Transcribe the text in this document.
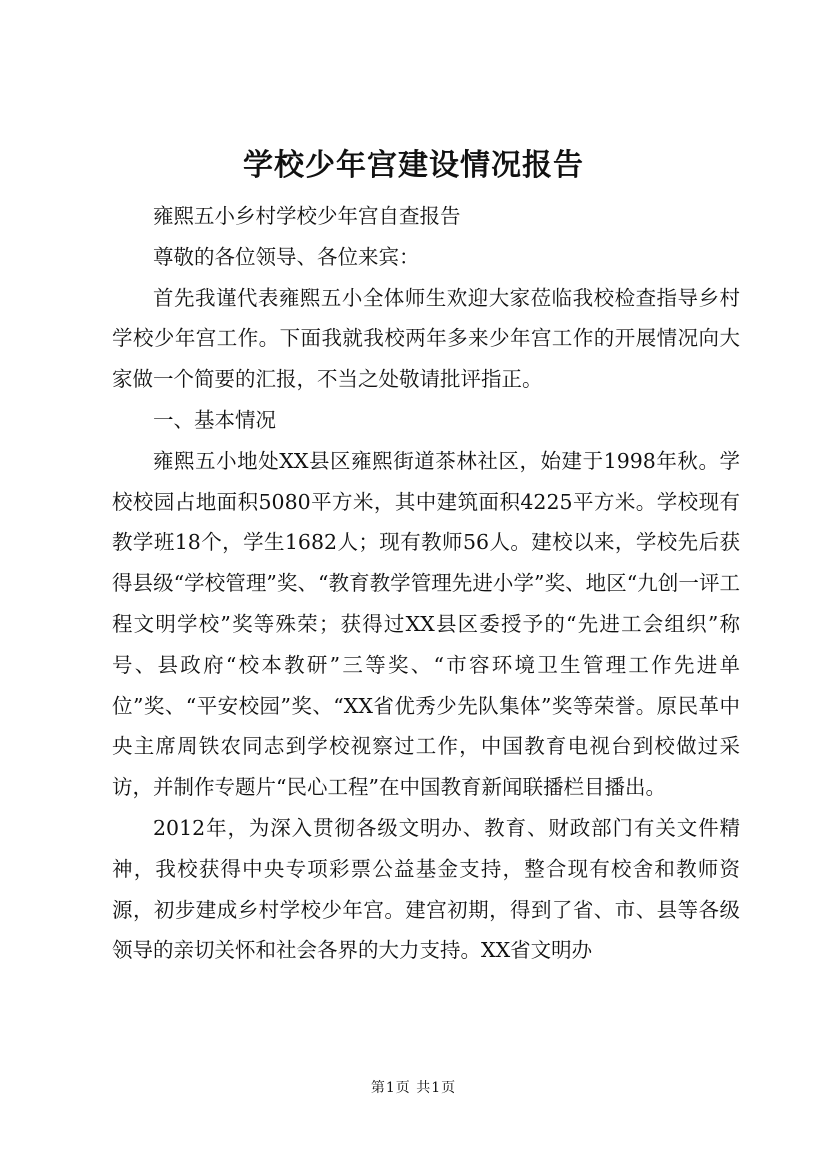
学校少年宫建设情况报告

雍熙五小乡村学校少年宫自查报告

尊敬的各位领导、各位来宾：

首先我谨代表雍熙五小全体师生欢迎大家莅临我校检查指导乡村学校少年宫工作。下面我就我校两年多来少年宫工作的开展情况向大家做一个简要的汇报，不当之处敬请批评指正。

一、基本情况

雍熙五小地处XX县区雍熙街道茶林社区，始建于1998年秋。学校校园占地面积5080平方米，其中建筑面积4225平方米。学校现有教学班18个，学生1682人；现有教师56人。建校以来，学校先后获得县级“学校管理”奖、“教育教学管理先进小学”奖、地区“九创一评工程文明学校”奖等殊荣；获得过XX县区委授予的“先进工会组织”称号、县政府“校本教研”三等奖、“市容环境卫生管理工作先进单位”奖、“平安校园”奖、“XX省优秀少先队集体”奖等荣誉。原民革中央主席周铁农同志到学校视察过工作，中国教育电视台到校做过采访，并制作专题片“民心工程”在中国教育新闻联播栏目播出。

2012年，为深入贯彻各级文明办、教育、财政部门有关文件精神，我校获得中央专项彩票公益基金支持，整合现有校舍和教师资源，初步建成乡村学校少年宫。建宫初期，得到了省、市、县等各级领导的亲切关怀和社会各界的大力支持。XX省文明办

第1页 共1页
